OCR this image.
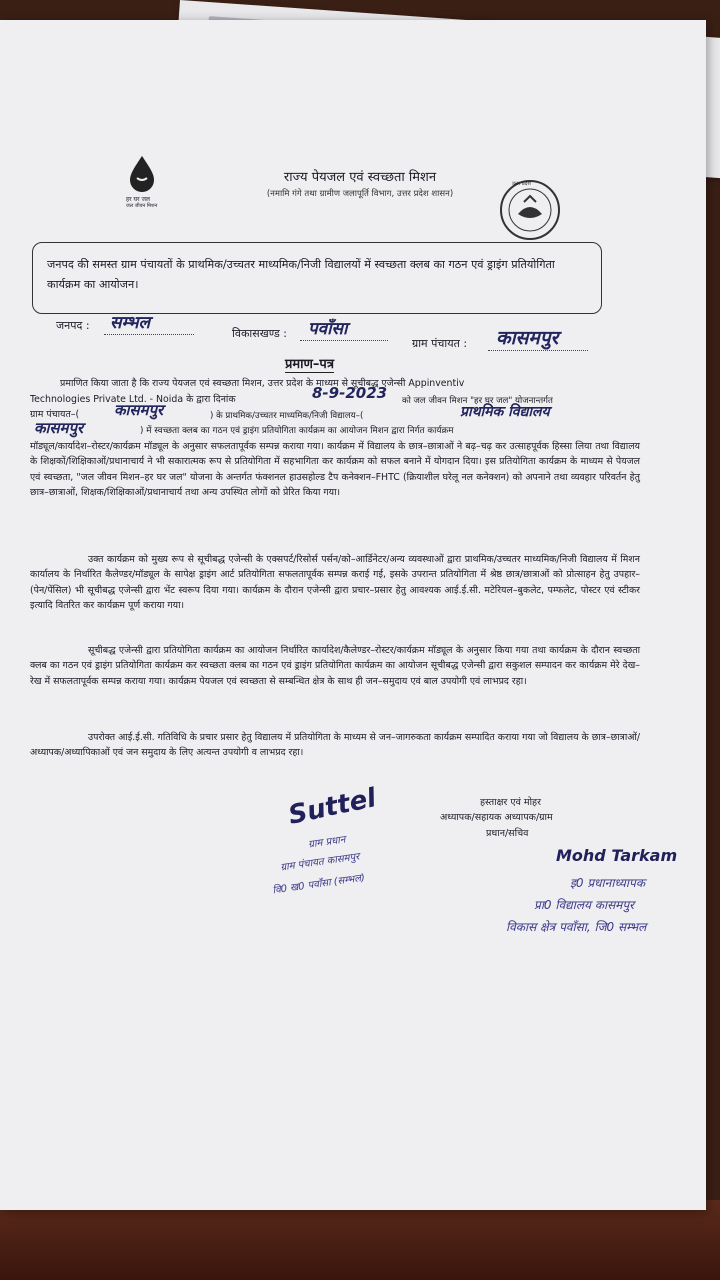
हर घर जल
जल जीवन मिशन
राज्य पेयजल एवं स्वच्छता मिशन
(नमामि गंगे तथा ग्रामीण जलापूर्ति विभाग, उत्तर प्रदेश शासन)
उत्तर प्रदेश
जनपद की समस्त ग्राम पंचायतों के प्राथमिक/उच्चतर माध्यमिक/निजी विद्यालयों में स्वच्छता क्लब का गठन एवं ड्राइंग प्रतियोगिता कार्यक्रम का आयोजन।
जनपद : सम्भल
विकासखण्ड : पवाँसा
ग्राम पंचायत : कासमपुर
प्रमाण–पत्र
प्रमाणित किया जाता है कि राज्य पेयजल एवं स्वच्छता मिशन, उत्तर प्रदेश के माध्यम से सूचीबद्ध एजेन्सी Appinventiv
Technologies Private Ltd. - Noida के द्वारा दिनांक	8-9-2023 को जल जीवन मिशन "हर घर जल" योजनान्तर्गत
ग्राम पंचायत–(	कासमपुर	) के प्राथमिक/उच्चतर माध्यमिक/निजी विद्यालय–(	प्राथमिक विद्यालय
कासमपुर	) में स्वच्छता क्लब का गठन एवं ड्राइंग प्रतियोगिता कार्यक्रम का आयोजन मिशन द्वारा निर्गत कार्यक्रम
मॉड्यूल/कार्यादेश–रोस्टर/कार्यक्रम मॉड्यूल के अनुसार सफलतापूर्वक सम्पन्न कराया गया। कार्यक्रम में विद्यालय के छात्र–छात्राओं ने बढ़–चढ़ कर उत्साहपूर्वक हिस्सा लिया तथा विद्यालय के शिक्षकों/शिक्षिकाओं/प्रधानाचार्य ने भी सकारात्मक रूप से प्रतियोगिता में सहभागिता कर कार्यक्रम को सफल बनाने में योगदान दिया। इस प्रतियोगिता कार्यक्रम के माध्यम से पेयजल एवं स्वच्छता, "जल जीवन मिशन–हर घर जल" योजना के अन्तर्गत फंक्शनल हाउसहोल्ड टैप कनेक्शन–FHTC (क्रियाशील घरेलू नल कनेक्शन) को अपनाने तथा व्यवहार परिवर्तन हेतु छात्र–छात्राओं, शिक्षक/शिक्षिकाओं/प्रधानाचार्य तथा अन्य उपस्थित लोगों को प्रेरित किया गया।
उक्त कार्यक्रम को मुख्य रूप से सूचीबद्ध एजेन्सी के एक्सपर्ट/रिसोर्स पर्सन/को–आर्डिनेटर/अन्य व्यवस्थाओं द्वारा प्राथमिक/उच्चतर माध्यमिक/निजी विद्यालय में मिशन कार्यालय के निर्धारित कैलेण्डर/मॉड्यूल के सापेक्ष ड्राइंग आर्ट प्रतियोगिता सफलतापूर्वक सम्पन्न कराई गई, इसके उपरान्त प्रतियोगिता में श्रेष्ठ छात्र/छात्राओं को प्रोत्साहन हेतु उपहार–(पेन/पेंसिल) भी सूचीबद्ध एजेन्सी द्वारा भेंट स्वरूप दिया गया। कार्यक्रम के दौरान एजेन्सी द्वारा प्रचार–प्रसार हेतु आवश्यक आई.ई.सी. मटेरियल–बुकलेट, पम्फलेट, पोस्टर एवं स्टीकर इत्यादि वितरित कर कार्यक्रम पूर्ण कराया गया।
सूचीबद्ध एजेन्सी द्वारा प्रतियोगिता कार्यक्रम का आयोजन निर्धारित कार्यादेश/कैलेण्डर–रोस्टर/कार्यक्रम मॉड्यूल के अनुसार किया गया तथा कार्यक्रम के दौरान स्वच्छता क्लब का गठन एवं ड्राइंग प्रतियोगिता कार्यक्रम कर स्वच्छता क्लब का गठन एवं ड्राइंग प्रतियोगिता कार्यक्रम का आयोजन सूचीबद्ध एजेन्सी द्वारा सकुशल सम्पादन कर कार्यक्रम मेरे देख–रेख में सफलतापूर्वक सम्पन्न कराया गया। कार्यक्रम पेयजल एवं स्वच्छता से सम्बन्धित क्षेत्र के साथ ही जन–समुदाय एवं बाल उपयोगी एवं लाभप्रद रहा।
उपरोक्त आई.ई.सी. गतिविधि के प्रचार प्रसार हेतु विद्यालय में प्रतियोगिता के माध्यम से जन–जागरुकता कार्यक्रम सम्पादित कराया गया जो विद्यालय के छात्र–छात्राओं/अध्यापक/अध्यापिकाओं एवं जन समुदाय के लिए अत्यन्त उपयोगी व लाभप्रद रहा।
हस्ताक्षर एवं मोहर
अध्यापक/सहायक अध्यापक/ग्राम
प्रधान/सचिव
Suttel
ग्राम प्रधान
ग्राम पंचायत कासमपुर
वि0 ख0 पवाँसा (सम्भल)
Mohd Tarkam
इ0 प्रधानाध्यापक
प्रा0 विद्यालय कासमपुर
विकास क्षेत्र पवाँसा, जि0 सम्भल
